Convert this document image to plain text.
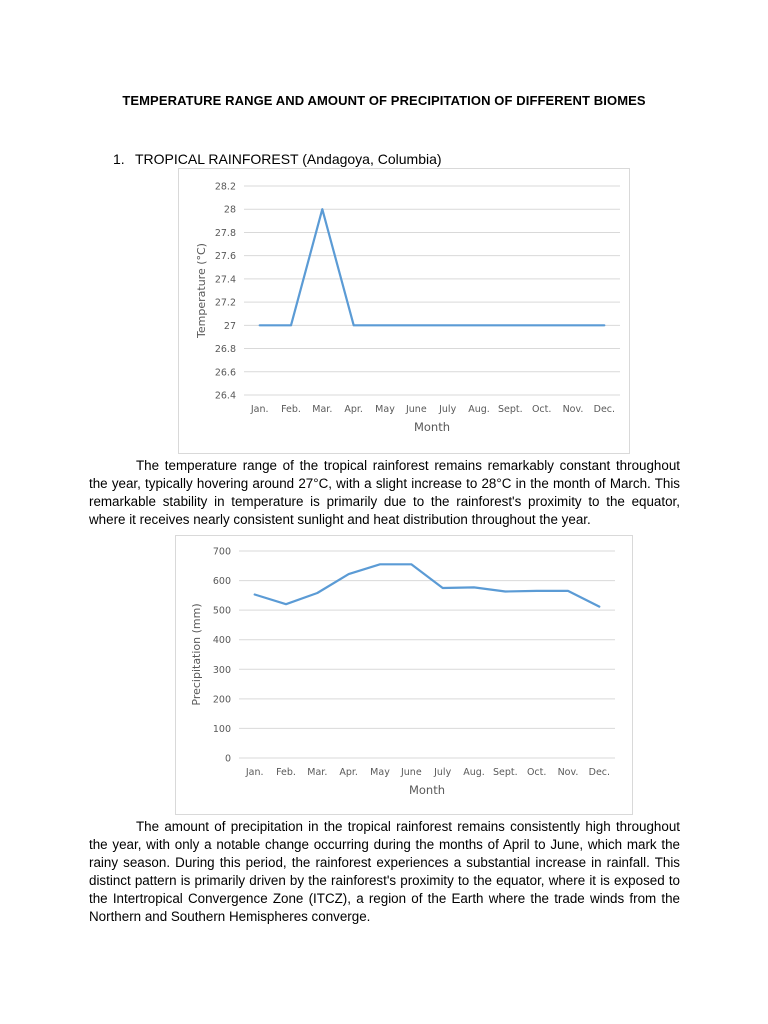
TEMPERATURE RANGE AND AMOUNT OF PRECIPITATION OF DIFFERENT BIOMES
1. TROPICAL RAINFOREST (Andagoya, Columbia)
26.4
26.6
26.8
27
27.2
27.4
27.6
27.8
28
28.2
Jan. Feb. Mar. Apr. May June July Aug. Sept. Oct. Nov. Dec.
Month
Temperature (°C)

The temperature range of the tropical rainforest remains remarkably constant throughout the year, typically hovering around 27°C, with a slight increase to 28°C in the month of March. This remarkable stability in temperature is primarily due to the rainforest's proximity to the equator, where it receives nearly consistent sunlight and heat distribution throughout the year.

0
100
200
300
400
500
600
700
Jan. Feb. Mar. Apr. May June July Aug. Sept. Oct. Nov. Dec.
Month
Precipitation (mm)

The amount of precipitation in the tropical rainforest remains consistently high throughout the year, with only a notable change occurring during the months of April to June, which mark the rainy season. During this period, the rainforest experiences a substantial increase in rainfall. This distinct pattern is primarily driven by the rainforest's proximity to the equator, where it is exposed to the Intertropical Convergence Zone (ITCZ), a region of the Earth where the trade winds from the Northern and Southern Hemispheres converge.
